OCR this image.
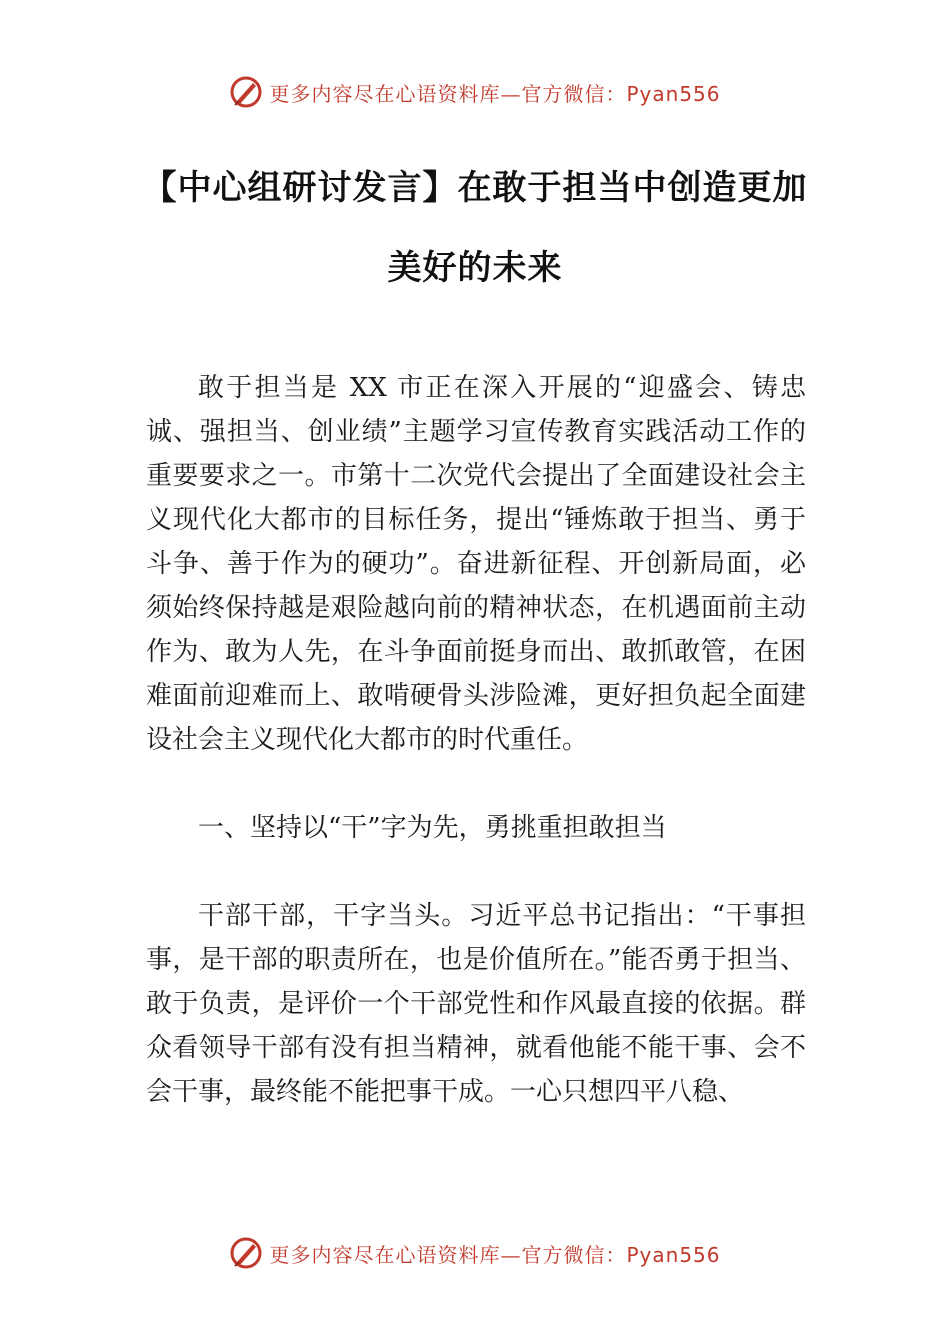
更多内容尽在心语资料库—官方微信：Pyan556
【中心组研讨发言】在敢于担当中创造更加
美好的未来

敢于担当是 XX 市正在深入开展的“迎盛会、铸忠诚、强担当、创业绩”主题学习宣传教育实践活动工作的重要要求之一。市第十二次党代会提出了全面建设社会主义现代化大都市的目标任务，提出“锤炼敢于担当、勇于斗争、善于作为的硬功”。奋进新征程、开创新局面，必须始终保持越是艰险越向前的精神状态，在机遇面前主动作为、敢为人先，在斗争面前挺身而出、敢抓敢管，在困难面前迎难而上、敢啃硬骨头涉险滩，更好担负起全面建设社会主义现代化大都市的时代重任。

一、坚持以“干”字为先，勇挑重担敢担当

干部干部，干字当头。习近平总书记指出：“干事担事，是干部的职责所在，也是价值所在。”能否勇于担当、敢于负责，是评价一个干部党性和作风最直接的依据。群众看领导干部有没有担当精神，就看他能不能干事、会不会干事，最终能不能把事干成。一心只想四平八稳、

更多内容尽在心语资料库—官方微信：Pyan556
